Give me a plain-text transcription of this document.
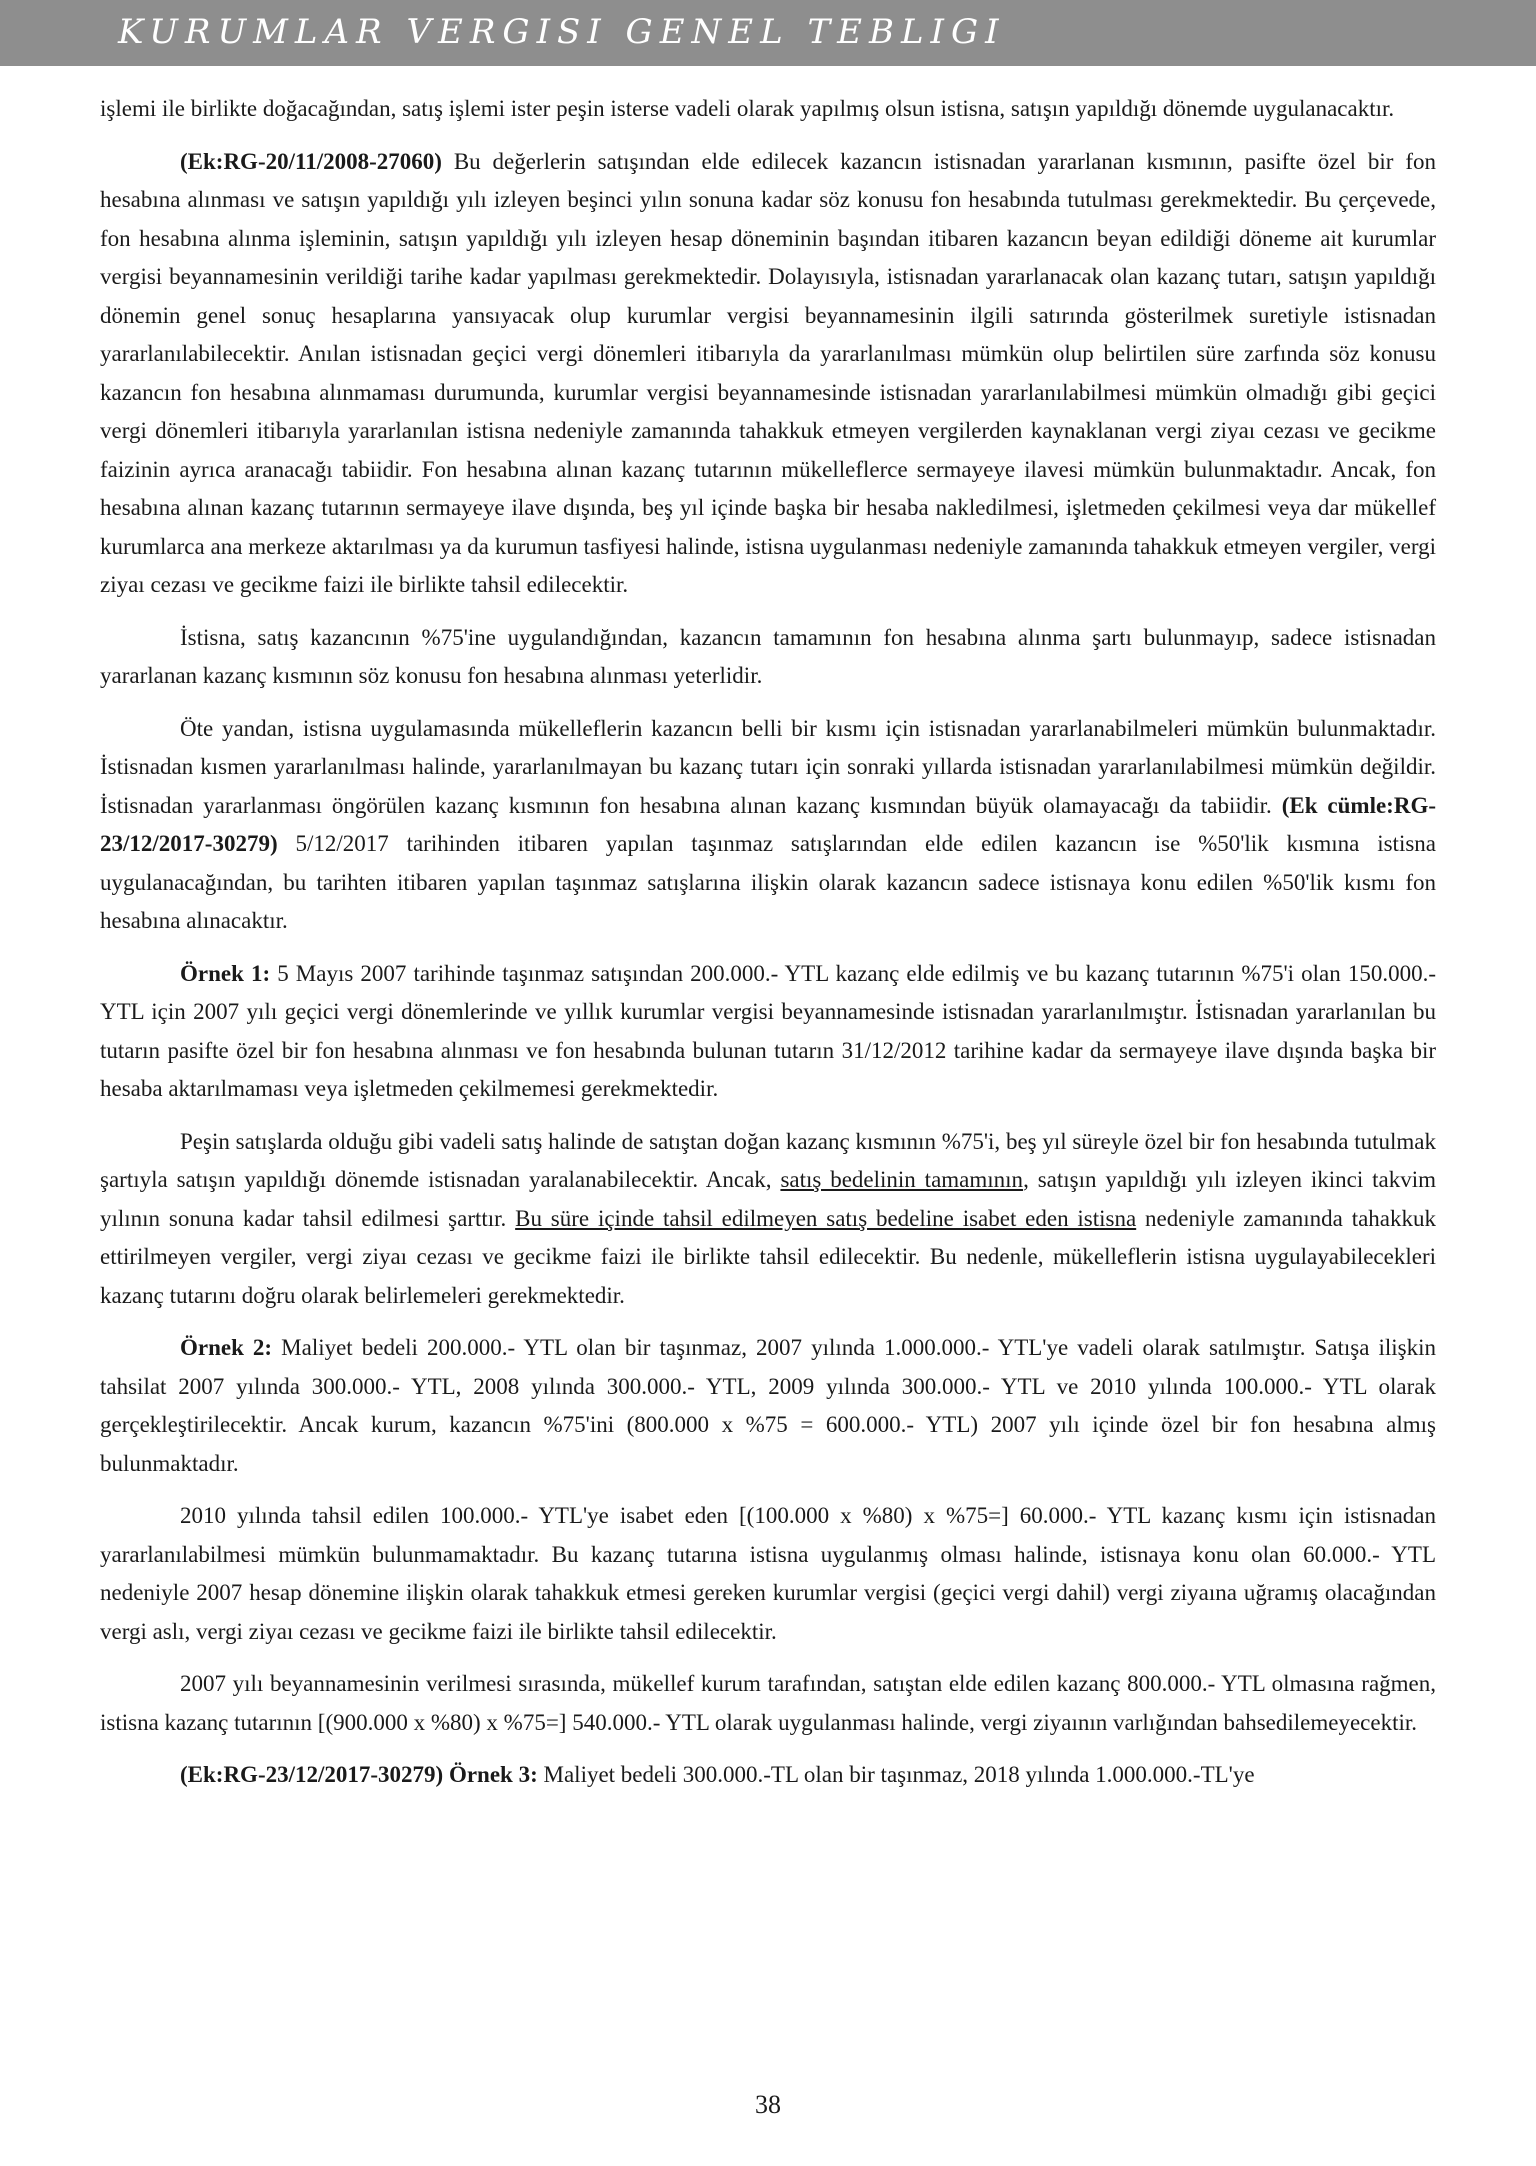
KURUMLAR VERGISI GENEL TEBLIGI

işlemi ile birlikte doğacağından, satış işlemi ister peşin isterse vadeli olarak yapılmış olsun istisna, satışın yapıldığı dönemde uygulanacaktır.

(Ek:RG-20/11/2008-27060) Bu değerlerin satışından elde edilecek kazancın istisnadan yararlanan kısmının, pasifte özel bir fon hesabına alınması ve satışın yapıldığı yılı izleyen beşinci yılın sonuna kadar söz konusu fon hesabında tutulması gerekmektedir. Bu çerçevede, fon hesabına alınma işleminin, satışın yapıldığı yılı izleyen hesap döneminin başından itibaren kazancın beyan edildiği döneme ait kurumlar vergisi beyannamesinin verildiği tarihe kadar yapılması gerekmektedir. Dolayısıyla, istisnadan yararlanacak olan kazanç tutarı, satışın yapıldığı dönemin genel sonuç hesaplarına yansıyacak olup kurumlar vergisi beyannamesinin ilgili satırında gösterilmek suretiyle istisnadan yararlanılabilecektir. Anılan istisnadan geçici vergi dönemleri itibarıyla da yararlanılması mümkün olup belirtilen süre zarfında söz konusu kazancın fon hesabına alınmaması durumunda, kurumlar vergisi beyannamesinde istisnadan yararlanılabilmesi mümkün olmadığı gibi geçici vergi dönemleri itibarıyla yararlanılan istisna nedeniyle zamanında tahakkuk etmeyen vergilerden kaynaklanan vergi ziyaı cezası ve gecikme faizinin ayrıca aranacağı tabiidir. Fon hesabına alınan kazanç tutarının mükelleflerce sermayeye ilavesi mümkün bulunmaktadır. Ancak, fon hesabına alınan kazanç tutarının sermayeye ilave dışında, beş yıl içinde başka bir hesaba nakledilmesi, işletmeden çekilmesi veya dar mükellef kurumlarca ana merkeze aktarılması ya da kurumun tasfiyesi halinde, istisna uygulanması nedeniyle zamanında tahakkuk etmeyen vergiler, vergi ziyaı cezası ve gecikme faizi ile birlikte tahsil edilecektir.

İstisna, satış kazancının %75'ine uygulandığından, kazancın tamamının fon hesabına alınma şartı bulunmayıp, sadece istisnadan yararlanan kazanç kısmının söz konusu fon hesabına alınması yeterlidir.

Öte yandan, istisna uygulamasında mükelleflerin kazancın belli bir kısmı için istisnadan yararlanabilmeleri mümkün bulunmaktadır. İstisnadan kısmen yararlanılması halinde, yararlanılmayan bu kazanç tutarı için sonraki yıllarda istisnadan yararlanılabilmesi mümkün değildir. İstisnadan yararlanması öngörülen kazanç kısmının fon hesabına alınan kazanç kısmından büyük olamayacağı da tabiidir. (Ek cümle:RG-23/12/2017-30279) 5/12/2017 tarihinden itibaren yapılan taşınmaz satışlarından elde edilen kazancın ise %50'lik kısmına istisna uygulanacağından, bu tarihten itibaren yapılan taşınmaz satışlarına ilişkin olarak kazancın sadece istisnaya konu edilen %50'lik kısmı fon hesabına alınacaktır.

Örnek 1: 5 Mayıs 2007 tarihinde taşınmaz satışından 200.000.- YTL kazanç elde edilmiş ve bu kazanç tutarının %75'i olan 150.000.- YTL için 2007 yılı geçici vergi dönemlerinde ve yıllık kurumlar vergisi beyannamesinde istisnadan yararlanılmıştır. İstisnadan yararlanılan bu tutarın pasifte özel bir fon hesabına alınması ve fon hesabında bulunan tutarın 31/12/2012 tarihine kadar da sermayeye ilave dışında başka bir hesaba aktarılmaması veya işletmeden çekilmemesi gerekmektedir.

Peşin satışlarda olduğu gibi vadeli satış halinde de satıştan doğan kazanç kısmının %75'i, beş yıl süreyle özel bir fon hesabında tutulmak şartıyla satışın yapıldığı dönemde istisnadan yaralanabilecektir. Ancak, satış bedelinin tamamının, satışın yapıldığı yılı izleyen ikinci takvim yılının sonuna kadar tahsil edilmesi şarttır. Bu süre içinde tahsil edilmeyen satış bedeline isabet eden istisna nedeniyle zamanında tahakkuk ettirilmeyen vergiler, vergi ziyaı cezası ve gecikme faizi ile birlikte tahsil edilecektir. Bu nedenle, mükelleflerin istisna uygulayabilecekleri kazanç tutarını doğru olarak belirlemeleri gerekmektedir.

Örnek 2: Maliyet bedeli 200.000.- YTL olan bir taşınmaz, 2007 yılında 1.000.000.- YTL'ye vadeli olarak satılmıştır. Satışa ilişkin tahsilat 2007 yılında 300.000.- YTL, 2008 yılında 300.000.- YTL, 2009 yılında 300.000.- YTL ve 2010 yılında 100.000.- YTL olarak gerçekleştirilecektir. Ancak kurum, kazancın %75'ini (800.000 x %75 = 600.000.- YTL) 2007 yılı içinde özel bir fon hesabına almış bulunmaktadır.

2010 yılında tahsil edilen 100.000.- YTL'ye isabet eden [(100.000 x %80) x %75=] 60.000.- YTL kazanç kısmı için istisnadan yararlanılabilmesi mümkün bulunmamaktadır. Bu kazanç tutarına istisna uygulanmış olması halinde, istisnaya konu olan 60.000.- YTL nedeniyle 2007 hesap dönemine ilişkin olarak tahakkuk etmesi gereken kurumlar vergisi (geçici vergi dahil) vergi ziyaına uğramış olacağından vergi aslı, vergi ziyaı cezası ve gecikme faizi ile birlikte tahsil edilecektir.

2007 yılı beyannamesinin verilmesi sırasında, mükellef kurum tarafından, satıştan elde edilen kazanç 800.000.- YTL olmasına rağmen, istisna kazanç tutarının [(900.000 x %80) x %75=] 540.000.- YTL olarak uygulanması halinde, vergi ziyaının varlığından bahsedilemeyecektir.

(Ek:RG-23/12/2017-30279) Örnek 3: Maliyet bedeli 300.000.-TL olan bir taşınmaz, 2018 yılında 1.000.000.-TL'ye

38
